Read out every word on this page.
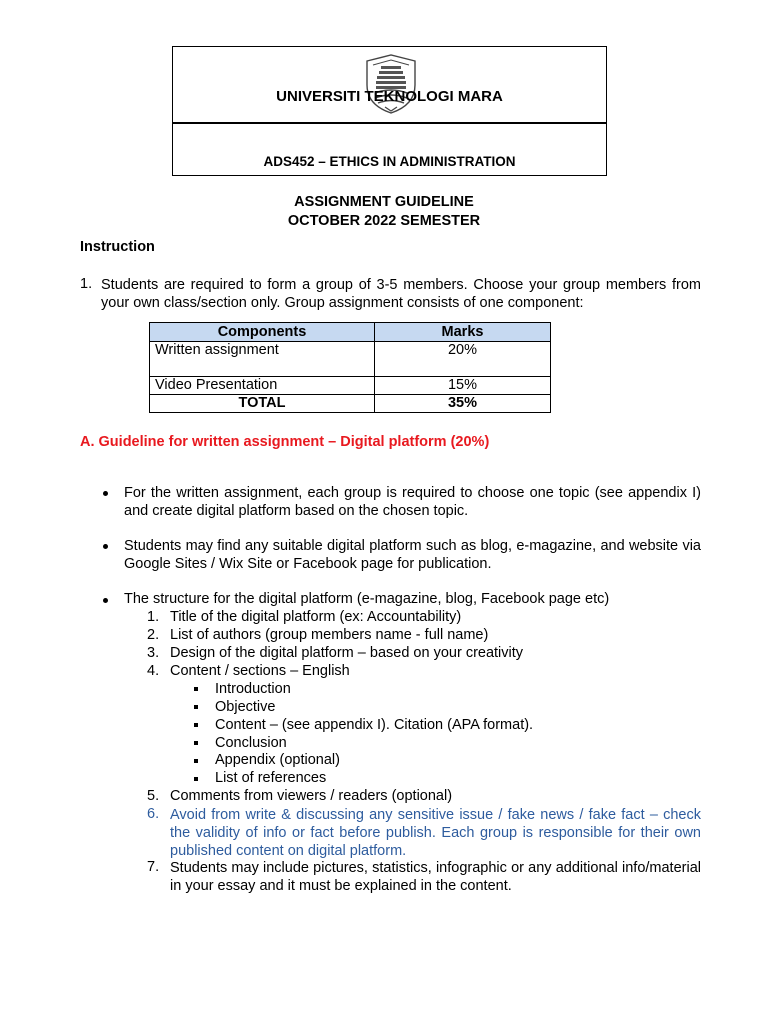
UNIVERSITI TEKNOLOGI MARA
ADS452 – ETHICS IN ADMINISTRATION
ASSIGNMENT GUIDELINE
OCTOBER 2022 SEMESTER
Instruction
1. Students are required to form a group of 3-5 members. Choose your group members from your own class/section only. Group assignment consists of one component:
Components	Marks
Written assignment	20%
Video Presentation	15%
TOTAL	35%
A. Guideline for written assignment – Digital platform (20%)
For the written assignment, each group is required to choose one topic (see appendix I) and create digital platform based on the chosen topic.
Students may find any suitable digital platform such as blog, e-magazine, and website via Google Sites / Wix Site or Facebook page for publication.
The structure for the digital platform (e-magazine, blog, Facebook page etc)
1. Title of the digital platform (ex: Accountability)
2. List of authors (group members name - full name)
3. Design of the digital platform – based on your creativity
4. Content / sections – English
Introduction
Objective
Content – (see appendix I). Citation (APA format).
Conclusion
Appendix (optional)
List of references
5. Comments from viewers / readers (optional)
6. Avoid from write & discussing any sensitive issue / fake news / fake fact – check the validity of info or fact before publish. Each group is responsible for their own published content on digital platform.
7. Students may include pictures, statistics, infographic or any additional info/material in your essay and it must be explained in the content.
